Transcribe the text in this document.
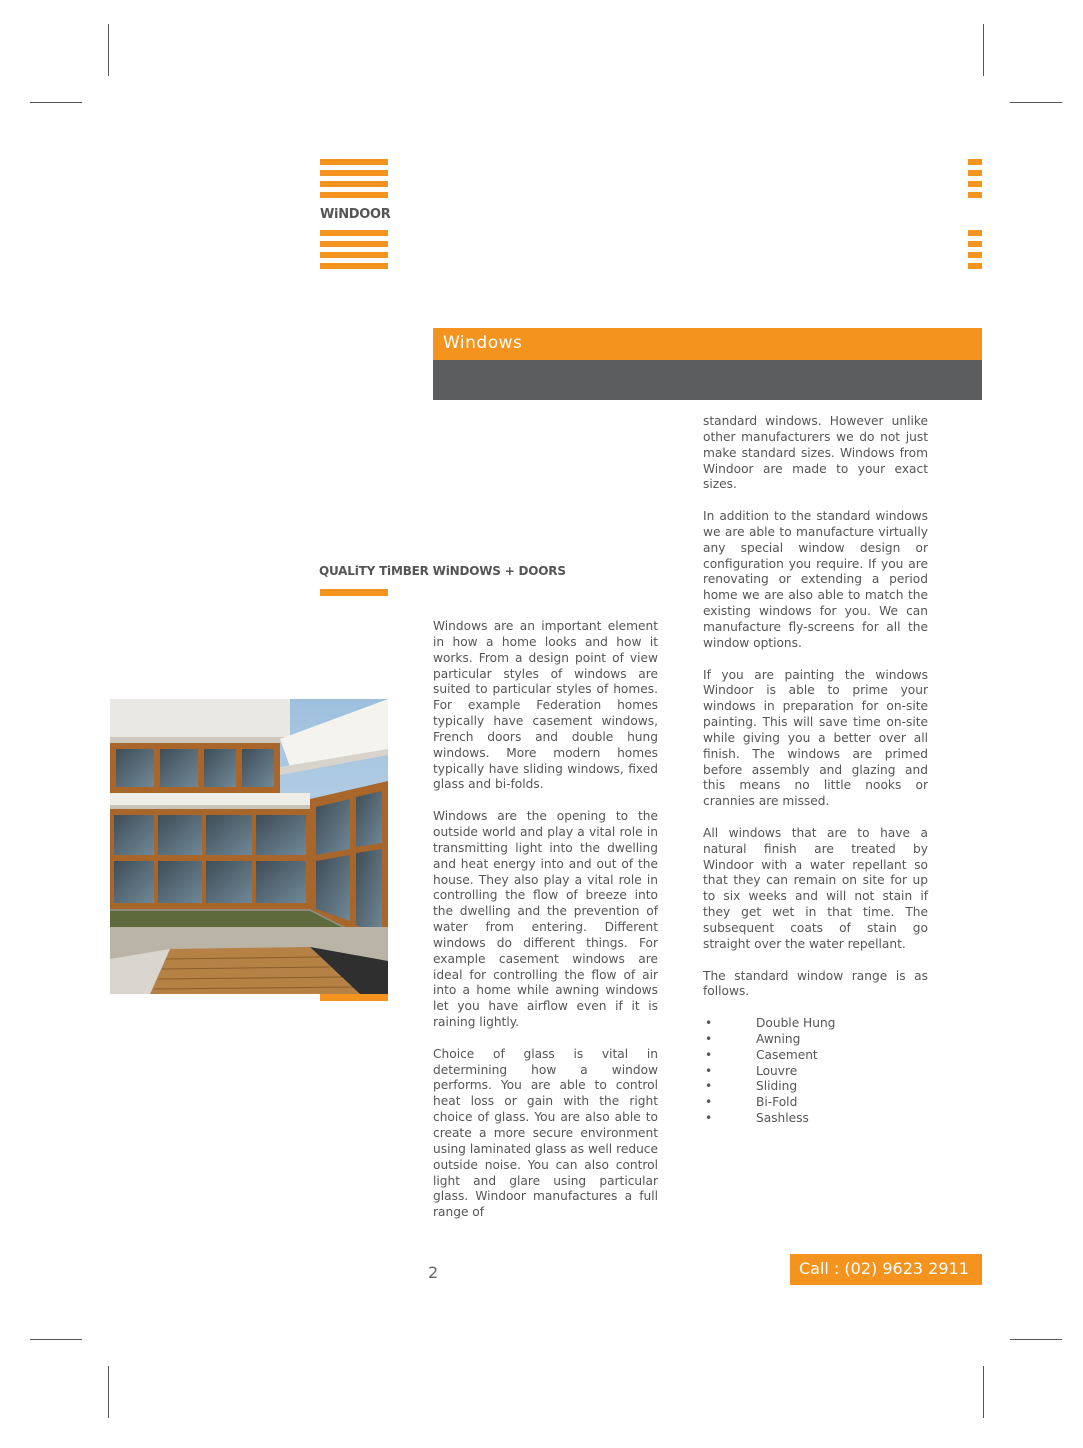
WiNDOOR
Windows
QUALiTY TiMBER WiNDOWS + DOORS

Windows are an important element in how a home looks and how it works. From a design point of view particular styles of windows are suited to particular styles of homes. For example Federation homes typically have casement windows, French doors and double hung windows. More modern homes typically have sliding windows, fixed glass and bi-folds.

Windows are the opening to the outside world and play a vital role in transmitting light into the dwelling and heat energy into and out of the house. They also play a vital role in controlling the flow of breeze into the dwelling and the prevention of water from entering. Different windows do different things. For example casement windows are ideal for controlling the flow of air into a home while awning windows let you have airflow even if it is raining lightly.

Choice of glass is vital in determining how a window performs. You are able to control heat loss or gain with the right choice of glass. You are also able to create a more secure environment using laminated glass as well reduce outside noise. You can also control light and glare using particular glass. Windoor manufactures a full range of

standard windows. However unlike other manufacturers we do not just make standard sizes. Windows from Windoor are made to your exact sizes.

In addition to the standard windows we are able to manufacture virtually any special window design or configuration you require. If you are renovating or extending a period home we are also able to match the existing windows for you. We can manufacture fly-screens for all the window options.

If you are painting the windows Windoor is able to prime your windows in preparation for on-site painting. This will save time on-site while giving you a better over all finish. The windows are primed before assembly and glazing and this means no little nooks or crannies are missed.

All windows that are to have a natural finish are treated by Windoor with a water repellant so that they can remain on site for up to six weeks and will not stain if they get wet in that time. The subsequent coats of stain go straight over the water repellant.

The standard window range is as follows.

• Double Hung
• Awning
• Casement
• Louvre
• Sliding
• Bi-Fold
• Sashless
2	Call : (02) 9623 2911
